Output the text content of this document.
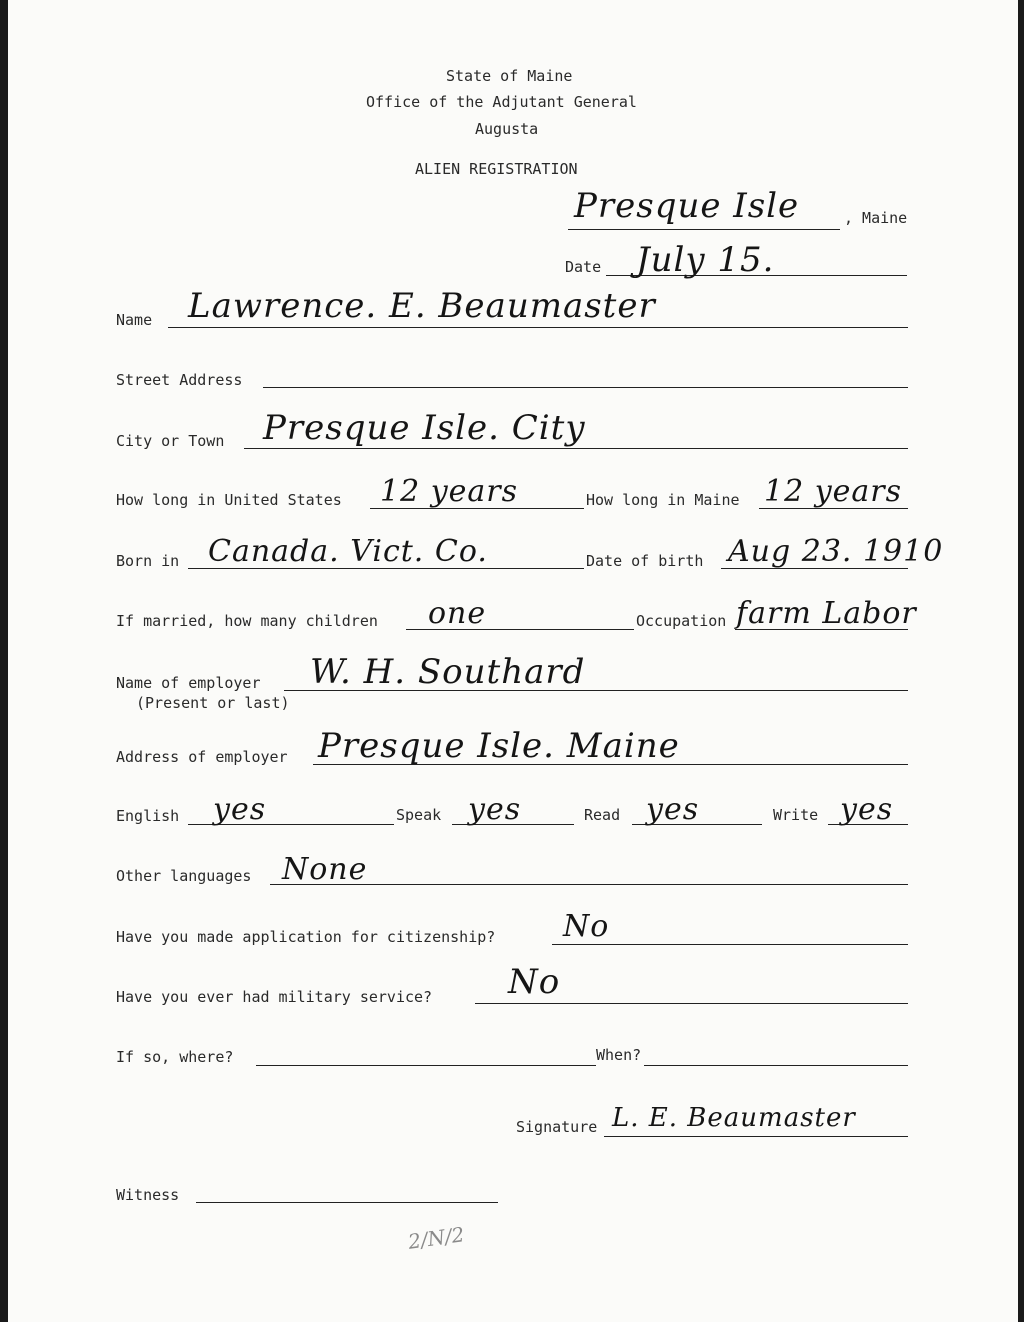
State of Maine
Office of the Adjutant General
Augusta
ALIEN REGISTRATION
Presque Isle	, Maine
Date July 15.
Name Lawrence. E. Beaumaster
Street Address
City or Town Presque Isle. City
How long in United States 12 years	How long in Maine 12 years
Born in Canada. Vict. Co.	Date of birth Aug 23. 1910
If married, how many children one	Occupation farm Labor
Name of employer
(Present or last)
W. H. Southard
Address of employer Presque Isle. Maine
English yes	Speak yes	Read yes	Write yes
Other languages None
Have you made application for citizenship? No
Have you ever had military service? No
If so, where?	When?
Signature L. E. Beaumaster
Witness
2/N/2
